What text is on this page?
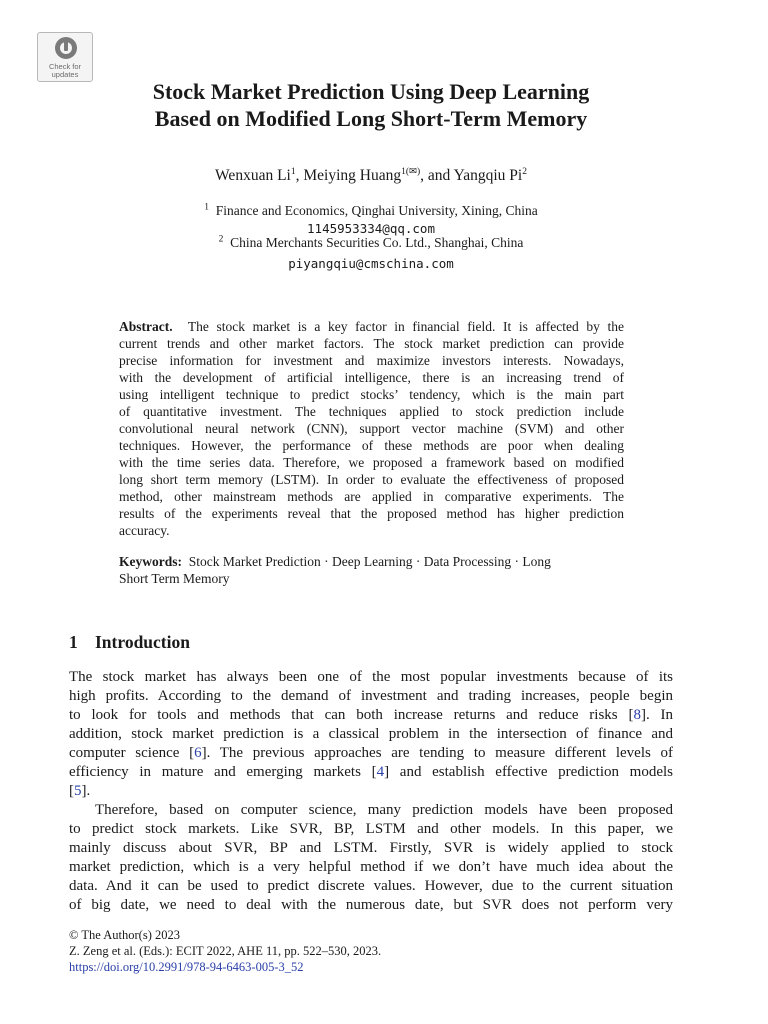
Check for
updates
Stock Market Prediction Using Deep Learning
Based on Modified Long Short-Term Memory
Wenxuan Li$^1$, Meiying Huang$^{1(✉)}$, and Yangqiu Pi$^2$
$^1$ Finance and Economics, Qinghai University, Xining, China
1145953334@qq.com
$^2$ China Merchants Securities Co. Ltd., Shanghai, China
piyangqiu@cmschina.com
Abstract. The stock market is a key factor in financial field. It is affected by the
current trends and other market factors. The stock market prediction can provide
precise information for investment and maximize investors interests. Nowadays,
with the development of artificial intelligence, there is an increasing trend of
using intelligent technique to predict stocks’ tendency, which is the main part
of quantitative investment. The techniques applied to stock prediction include
convolutional neural network (CNN), support vector machine (SVM) and other
techniques. However, the performance of these methods are poor when dealing
with the time series data. Therefore, we proposed a framework based on modified
long short term memory (LSTM). In order to evaluate the effectiveness of proposed
method, other mainstream methods are applied in comparative experiments. The
results of the experiments reveal that the proposed method has higher prediction
accuracy.
Keywords: Stock Market Prediction · Deep Learning · Data Processing · Long
Short Term Memory
1 Introduction
The stock market has always been one of the most popular investments because of its
high profits. According to the demand of investment and trading increases, people begin
to look for tools and methods that can both increase returns and reduce risks [8]. In
addition, stock market prediction is a classical problem in the intersection of finance and
computer science [6]. The previous approaches are tending to measure different levels of
efficiency in mature and emerging markets [4] and establish effective prediction models
[5].
Therefore, based on computer science, many prediction models have been proposed
to predict stock markets. Like SVR, BP, LSTM and other models. In this paper, we
mainly discuss about SVR, BP and LSTM. Firstly, SVR is widely applied to stock
market prediction, which is a very helpful method if we don’t have much idea about the
data. And it can be used to predict discrete values. However, due to the current situation
of big date, we need to deal with the numerous date, but SVR does not perform very
© The Author(s) 2023
Z. Zeng et al. (Eds.): ECIT 2022, AHE 11, pp. 522–530, 2023.
https://doi.org/10.2991/978-94-6463-005-3_52
